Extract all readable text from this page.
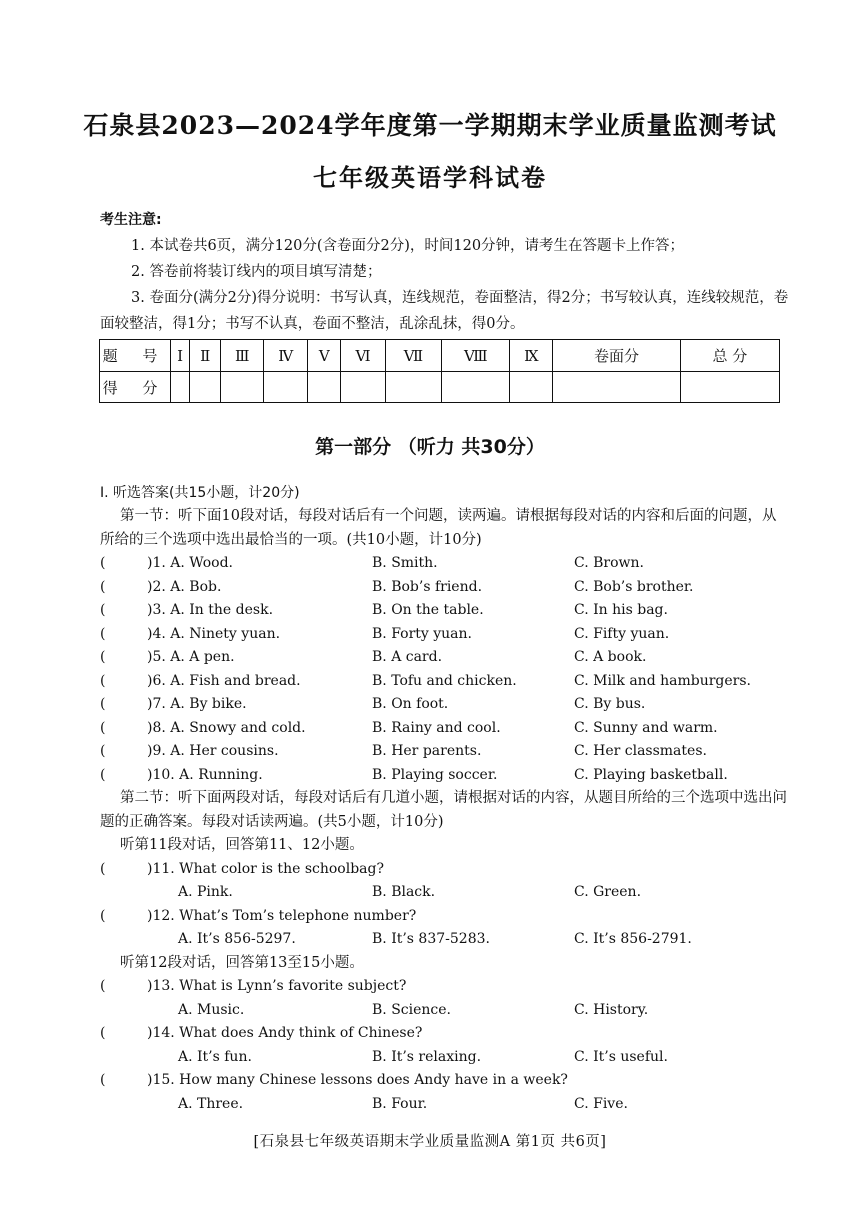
石泉县2023—2024学年度第一学期期末学业质量监测考试
七年级英语学科试卷
考生注意:
1. 本试卷共6页，满分120分(含卷面分2分)，时间120分钟，请考生在答题卡上作答；
2. 答卷前将装订线内的项目填写清楚；
3. 卷面分(满分2分)得分说明：书写认真，连线规范，卷面整洁，得2分；书写较认真，连线较规范，卷面较整洁，得1分；书写不认真，卷面不整洁，乱涂乱抹，得0分。
题 号	Ⅰ	Ⅱ	Ⅲ	Ⅳ	Ⅴ	Ⅵ	Ⅶ	Ⅷ	Ⅸ	卷面分	总 分
得 分											
第一部分 （听力 共30分）
Ⅰ. 听选答案(共15小题，计20分)
第一节：听下面10段对话，每段对话后有一个问题，读两遍。请根据每段对话的内容和后面的问题，从所给的三个选项中选出最恰当的一项。(共10小题，计10分)
(	)1. A. Wood.	B. Smith.	C. Brown.
(	)2. A. Bob.	B. Bob’s friend.	C. Bob’s brother.
(	)3. A. In the desk.	B. On the table.	C. In his bag.
(	)4. A. Ninety yuan.	B. Forty yuan.	C. Fifty yuan.
(	)5. A. A pen.	B. A card.	C. A book.
(	)6. A. Fish and bread.	B. Tofu and chicken.	C. Milk and hamburgers.
(	)7. A. By bike.	B. On foot.	C. By bus.
(	)8. A. Snowy and cold.	B. Rainy and cool.	C. Sunny and warm.
(	)9. A. Her cousins.	B. Her parents.	C. Her classmates.
(	)10. A. Running.	B. Playing soccer.	C. Playing basketball.
第二节：听下面两段对话，每段对话后有几道小题，请根据对话的内容，从题目所给的三个选项中选出问题的正确答案。每段对话读两遍。(共5小题，计10分)
听第11段对话，回答第11、12小题。
(	)11. What color is the schoolbag?
A. Pink.	B. Black.	C. Green.
(	)12. What’s Tom’s telephone number?
A. It’s 856-5297.	B. It’s 837-5283.	C. It’s 856-2791.
听第12段对话，回答第13至15小题。
(	)13. What is Lynn’s favorite subject?
A. Music.	B. Science.	C. History.
(	)14. What does Andy think of Chinese?
A. It’s fun.	B. It’s relaxing.	C. It’s useful.
(	)15. How many Chinese lessons does Andy have in a week?
A. Three.	B. Four.	C. Five.
[石泉县七年级英语期末学业质量监测A 第1页 共6页]
